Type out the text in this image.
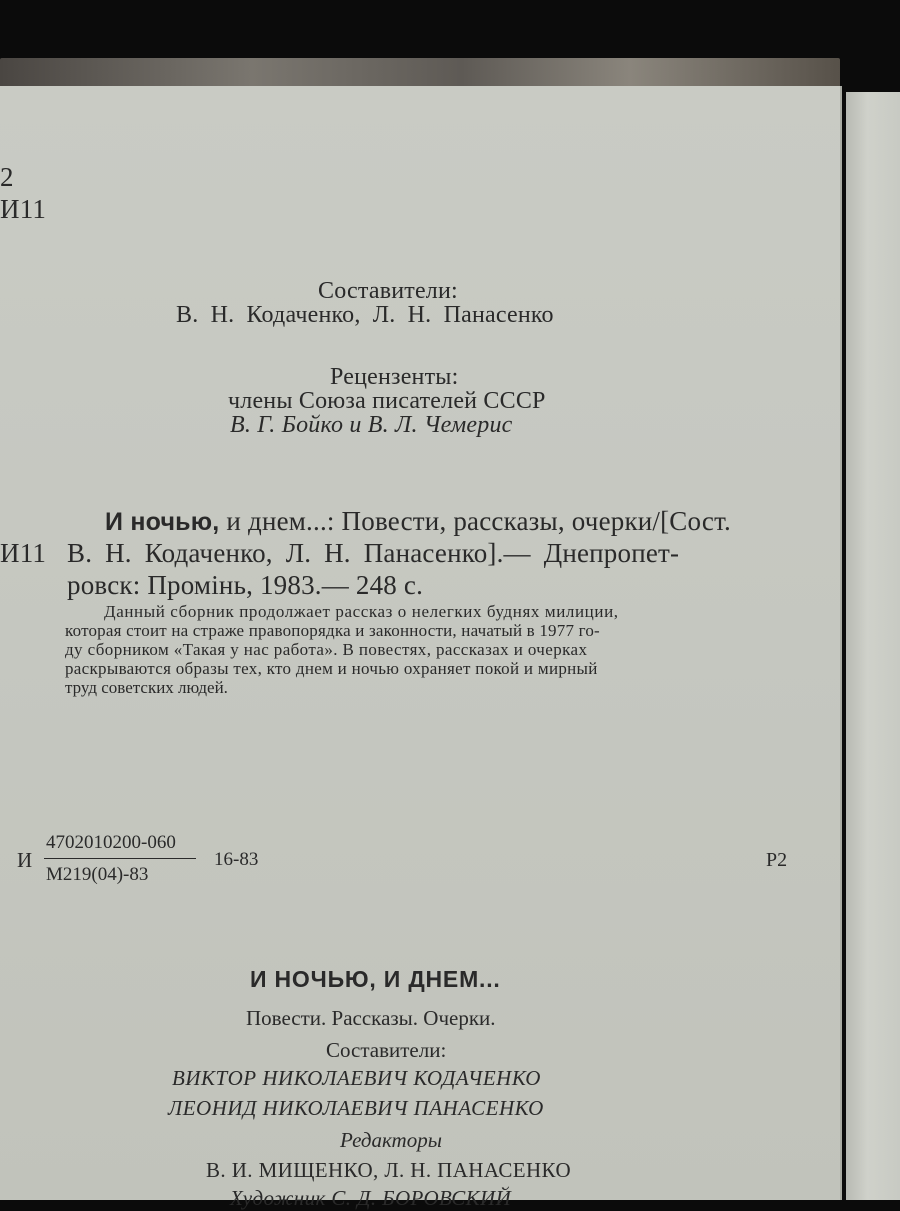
2
И11
Составители:
В. Н. Кодаченко, Л. Н. Панасенко
Рецензенты:
члены Союза писателей СССР
В. Г. Бойко и В. Л. Чемерис
И ночью, и днем...: Повести, рассказы, очерки/[Сост.
И11 В. Н. Кодаченко, Л. Н. Панасенко].— Днепропет-
ровск: Промінь, 1983.— 248 с.
Данный сборник продолжает рассказ о нелегких буднях милиции,
которая стоит на страже правопорядка и законности, начатый в 1977 го-
ду сборником «Такая у нас работа». В повестях, рассказах и очерках
раскрываются образы тех, кто днем и ночью охраняет покой и мирный
труд советских людей.
И
4702010200-060
М219(04)-83
16-83	Р2
И НОЧЬЮ, И ДНЕМ...
Повести. Рассказы. Очерки.
Составители:
ВИКТОР НИКОЛАЕВИЧ КОДАЧЕНКО
ЛЕОНИД НИКОЛАЕВИЧ ПАНАСЕНКО
Редакторы
В. И. МИЩЕНКО, Л. Н. ПАНАСЕНКО
Художник С. Д. БОРОВСКИЙ
